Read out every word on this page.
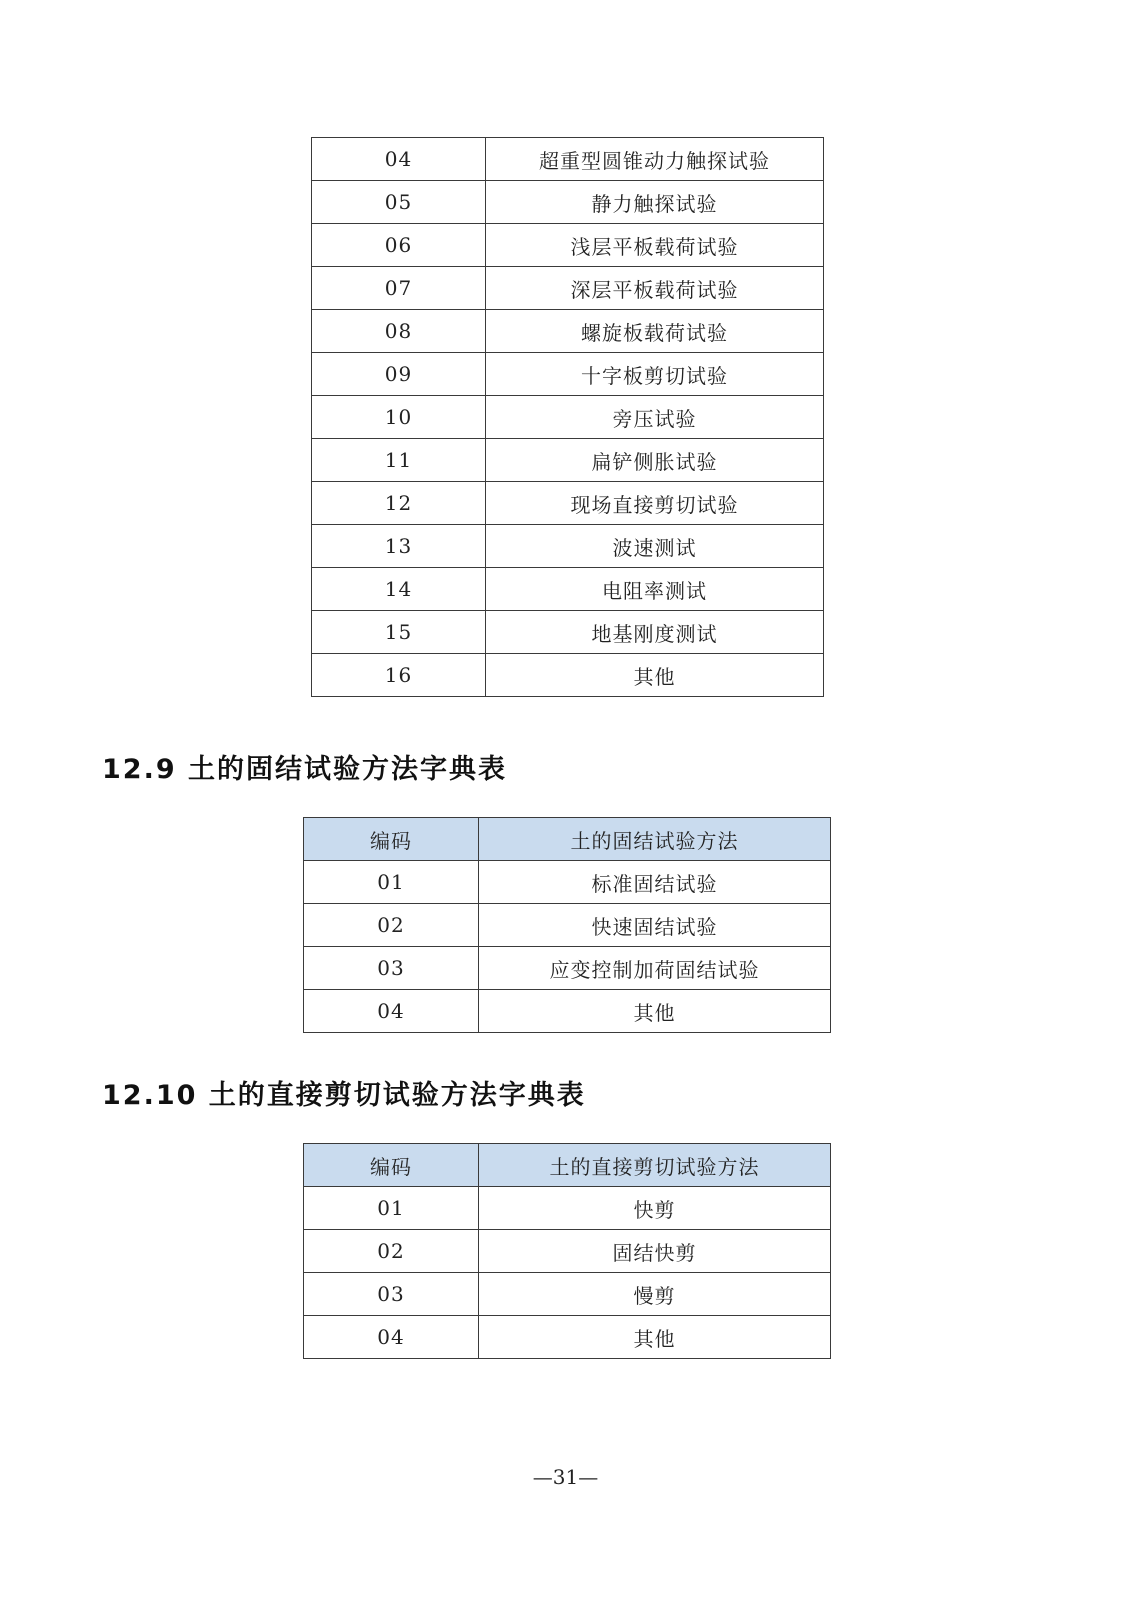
04	超重型圆锥动力触探试验
05	静力触探试验
06	浅层平板载荷试验
07	深层平板载荷试验
08	螺旋板载荷试验
09	十字板剪切试验
10	旁压试验
11	扁铲侧胀试验
12	现场直接剪切试验
13	波速测试
14	电阻率测试
15	地基刚度测试
16	其他
12.9 土的固结试验方法字典表
编码	土的固结试验方法
01	标准固结试验
02	快速固结试验
03	应变控制加荷固结试验
04	其他
12.10 土的直接剪切试验方法字典表
编码	土的直接剪切试验方法
01	快剪
02	固结快剪
03	慢剪
04	其他
—31—
